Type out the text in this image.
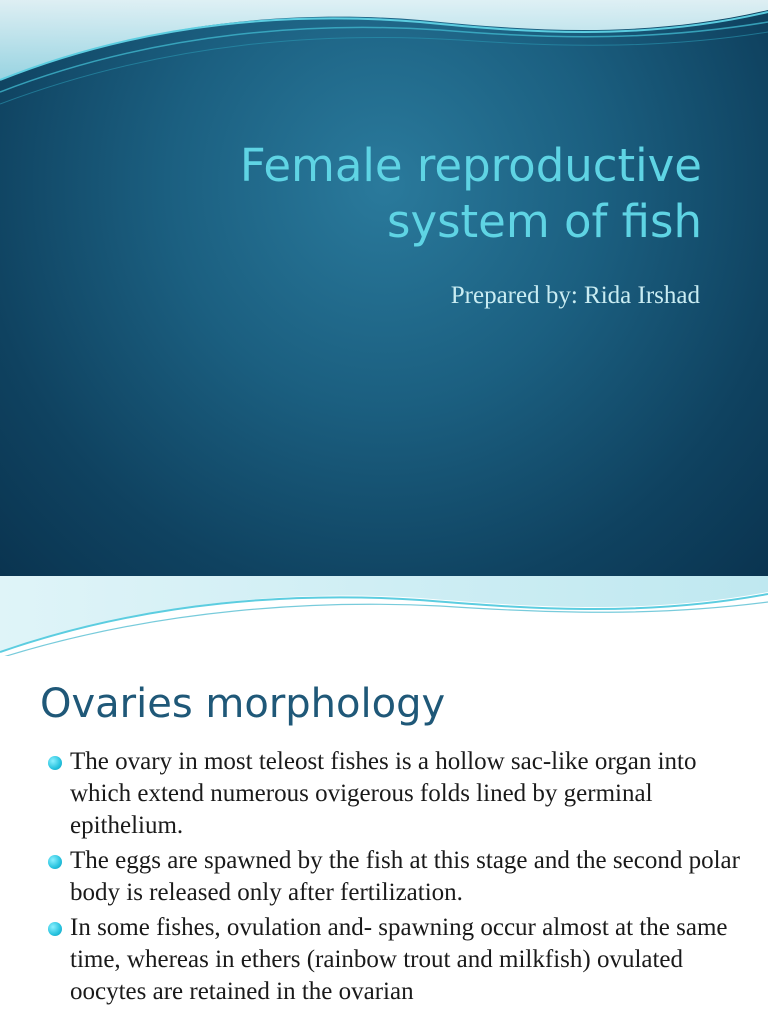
Female reproductive
system of fish
Prepared by: Rida Irshad
Ovaries morphology
The ovary in most teleost fishes is a hollow sac-like organ into which extend numerous ovigerous folds lined by germinal epithelium.
The eggs are spawned by the fish at this stage and the second polar body is released only after fertilization.
In some fishes, ovulation and- spawning occur almost at the same time, whereas in ethers (rainbow trout and milkfish) ovulated oocytes are retained in the ovarian
